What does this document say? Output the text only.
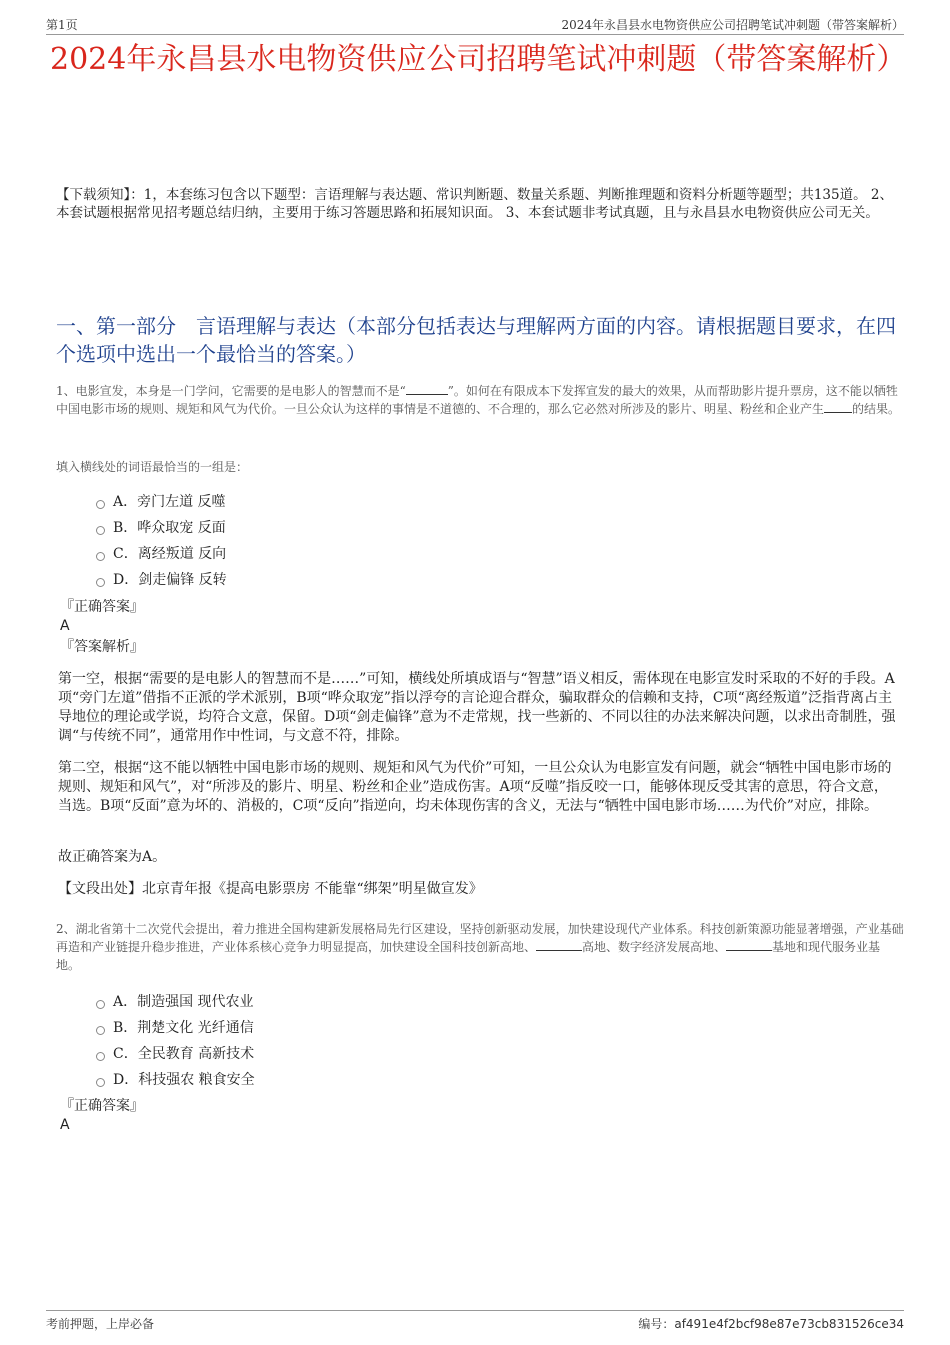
第1页	2024年永昌县水电物资供应公司招聘笔试冲刺题（带答案解析）
2024年永昌县水电物资供应公司招聘笔试冲刺题（带答案解析）
【下载须知】：1，本套练习包含以下题型：言语理解与表达题、常识判断题、数量关系题、判断推理题和资料分析题等题型；共135道。 2、本套试题根据常见招考题总结归纳，主要用于练习答题思路和拓展知识面。 3、本套试题非考试真题，且与永昌县水电物资供应公司无关。
一、第一部分　言语理解与表达（本部分包括表达与理解两方面的内容。请根据题目要求，在四个选项中选出一个最恰当的答案。）
1、电影宣发，本身是一门学问，它需要的是电影人的智慧而不是“	”。如何在有限成本下发挥宣发的最大的效果，从而帮助影片提升票房，这不能以牺牲中国电影市场的规则、规矩和风气为代价。一旦公众认为这样的事情是不道德的、不合理的，那么它必然对所涉及的影片、明星、粉丝和企业产生 的结果。
填入横线处的词语最恰当的一组是：
A．旁门左道 反噬
B．哗众取宠 反面
C．离经叛道 反向
D．剑走偏锋 反转
『正确答案』
A
『答案解析』
第一空，根据“需要的是电影人的智慧而不是……”可知，横线处所填成语与“智慧”语义相反，需体现在电影宣发时采取的不好的手段。A项“旁门左道”借指不正派的学术派别，B项“哗众取宠”指以浮夸的言论迎合群众，骗取群众的信赖和支持，C项“离经叛道”泛指背离占主导地位的理论或学说，均符合文意，保留。D项“剑走偏锋”意为不走常规，找一些新的、不同以往的办法来解决问题，以求出奇制胜，强调“与传统不同”，通常用作中性词，与文意不符，排除。
第二空，根据“这不能以牺牲中国电影市场的规则、规矩和风气为代价”可知，一旦公众认为电影宣发有问题，就会“牺牲中国电影市场的规则、规矩和风气”，对“所涉及的影片、明星、粉丝和企业”造成伤害。A项“反噬”指反咬一口，能够体现反受其害的意思，符合文意，当选。B项“反面”意为坏的、消极的，C项“反向”指逆向，均未体现伤害的含义，无法与“牺牲中国电影市场……为代价”对应，排除。
故正确答案为A。
【文段出处】北京青年报《提高电影票房 不能靠“绑架”明星做宣发》
2、湖北省第十二次党代会提出，着力推进全国构建新发展格局先行区建设，坚持创新驱动发展，加快建设现代产业体系。科技创新策源功能显著增强，产业基础再造和产业链提升稳步推进，产业体系核心竞争力明显提高，加快建设全国科技创新高地、	高地、数字经济发展高地、	基地和现代服务业基地。
A．制造强国 现代农业
B．荆楚文化 光纤通信
C．全民教育 高新技术
D．科技强农 粮食安全
『正确答案』
A
考前押题，上岸必备	编号：af491e4f2bcf98e87e73cb831526ce34
